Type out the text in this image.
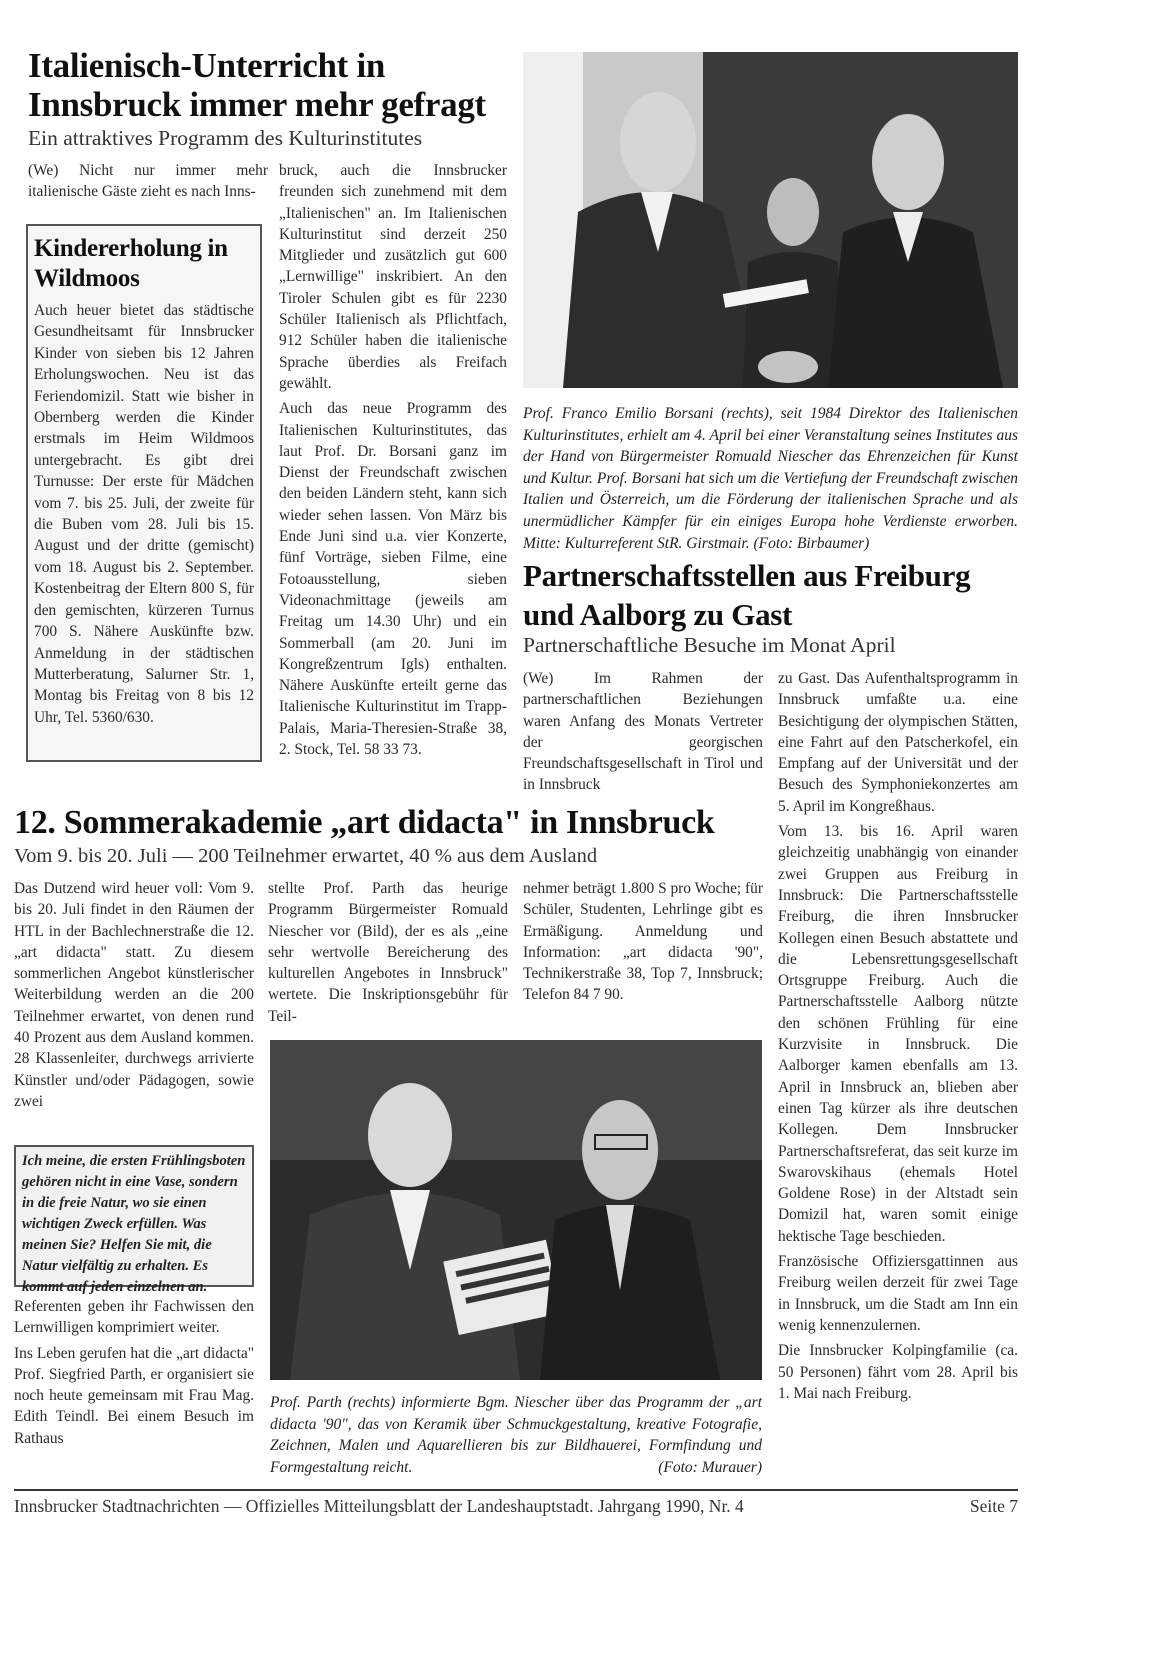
Italienisch-Unterricht in Innsbruck immer mehr gefragt
Ein attraktives Programm des Kulturinstitutes

(We) Nicht nur immer mehr italienische Gäste zieht es nach Inns-

Kindererholung in Wildmoos
Auch heuer bietet das städtische Gesundheitsamt für Innsbrucker Kinder von sieben bis 12 Jahren Erholungswochen. Neu ist das Feriendomizil. Statt wie bisher in Obernberg werden die Kinder erstmals im Heim Wildmoos untergebracht. Es gibt drei Turnusse: Der erste für Mädchen vom 7. bis 25. Juli, der zweite für die Buben vom 28. Juli bis 15. August und der dritte (gemischt) vom 18. August bis 2. September. Kostenbeitrag der Eltern 800 S, für den gemischten, kürzeren Turnus 700 S. Nähere Auskünfte bzw. Anmeldung in der städtischen Mutterberatung, Salurner Str. 1, Montag bis Freitag von 8 bis 12 Uhr, Tel. 5360/630.

bruck, auch die Innsbrucker freunden sich zunehmend mit dem „Italienischen" an. Im Italienischen Kulturinstitut sind derzeit 250 Mitglieder und zusätzlich gut 600 „Lernwillige" inskribiert. An den Tiroler Schulen gibt es für 2230 Schüler Italienisch als Pflichtfach, 912 Schüler haben die italienische Sprache überdies als Freifach gewählt.

Auch das neue Programm des Italienischen Kulturinstitutes, das laut Prof. Dr. Borsani ganz im Dienst der Freundschaft zwischen den beiden Ländern steht, kann sich wieder sehen lassen. Von März bis Ende Juni sind u.a. vier Konzerte, fünf Vorträge, sieben Filme, eine Fotoausstellung, sieben Videonachmittage (jeweils am Freitag um 14.30 Uhr) und ein Sommerball (am 20. Juni im Kongreßzentrum Igls) enthalten. Nähere Auskünfte erteilt gerne das Italienische Kulturinstitut im Trapp-Palais, Maria-Theresien-Straße 38, 2. Stock, Tel. 58 33 73.

Prof. Franco Emilio Borsani (rechts), seit 1984 Direktor des Italienischen Kulturinstitutes, erhielt am 4. April bei einer Veranstaltung seines Institutes aus der Hand von Bürgermeister Romuald Niescher das Ehrenzeichen für Kunst und Kultur. Prof. Borsani hat sich um die Vertiefung der Freundschaft zwischen Italien und Österreich, um die Förderung der italienischen Sprache und als unermüdlicher Kämpfer für ein einiges Europa hohe Verdienste erworben. Mitte: Kulturreferent StR. Girstmair. (Foto: Birbaumer)
Partnerschaftsstellen aus Freiburg und Aalborg zu Gast
Partnerschaftliche Besuche im Monat April

(We) Im Rahmen der partnerschaftlichen Beziehungen waren Anfang des Monats Vertreter der georgischen Freundschaftsgesellschaft in Tirol und in Innsbruck

zu Gast. Das Aufenthaltsprogramm in Innsbruck umfaßte u.a. eine Besichtigung der olympischen Stätten, eine Fahrt auf den Patscherkofel, ein Empfang auf der Universität und der Besuch des Symphoniekonzertes am 5. April im Kongreßhaus.

Vom 13. bis 16. April waren gleichzeitig unabhängig von einander zwei Gruppen aus Freiburg in Innsbruck: Die Partnerschaftsstelle Freiburg, die ihren Innsbrucker Kollegen einen Besuch abstattete und die Lebensrettungsgesellschaft Ortsgruppe Freiburg. Auch die Partnerschaftsstelle Aalborg nützte den schönen Frühling für eine Kurzvisite in Innsbruck. Die Aalborger kamen ebenfalls am 13. April in Innsbruck an, blieben aber einen Tag kürzer als ihre deutschen Kollegen. Dem Innsbrucker Partnerschaftsreferat, das seit kurze im Swarovskihaus (ehemals Hotel Goldene Rose) in der Altstadt sein Domizil hat, waren somit einige hektische Tage beschieden.

Französische Offiziersgattinnen aus Freiburg weilen derzeit für zwei Tage in Innsbruck, um die Stadt am Inn ein wenig kennenzulernen.

Die Innsbrucker Kolpingfamilie (ca. 50 Personen) fährt vom 28. April bis 1. Mai nach Freiburg.

12. Sommerakademie „art didacta" in Innsbruck
Vom 9. bis 20. Juli — 200 Teilnehmer erwartet, 40 % aus dem Ausland

Das Dutzend wird heuer voll: Vom 9. bis 20. Juli findet in den Räumen der HTL in der Bachlechnerstraße die 12. „art didacta" statt. Zu diesem sommerlichen Angebot künstlerischer Weiterbildung werden an die 200 Teilnehmer erwartet, von denen rund 40 Prozent aus dem Ausland kommen. 28 Klassenleiter, durchwegs arrivierte Künstler und/oder Pädagogen, sowie zwei

Ich meine, die ersten Frühlingsboten gehören nicht in eine Vase, sondern in die freie Natur, wo sie einen wichtigen Zweck erfüllen. Was meinen Sie? Helfen Sie mit, die Natur vielfältig zu erhalten. Es kommt auf jeden einzelnen an.

Referenten geben ihr Fachwissen den Lernwilligen komprimiert weiter.

Ins Leben gerufen hat die „art didacta" Prof. Siegfried Parth, er organisiert sie noch heute gemeinsam mit Frau Mag. Edith Teindl. Bei einem Besuch im Rathaus

stellte Prof. Parth das heurige Programm Bürgermeister Romuald Niescher vor (Bild), der es als „eine sehr wertvolle Bereicherung des kulturellen Angebotes in Innsbruck" wertete. Die Inskriptionsgebühr für Teil-

nehmer beträgt 1.800 S pro Woche; für Schüler, Studenten, Lehrlinge gibt es Ermäßigung. Anmeldung und Information: „art didacta '90", Technikerstraße 38, Top 7, Innsbruck; Telefon 84 7 90.

Prof. Parth (rechts) informierte Bgm. Niescher über das Programm der „art didacta '90", das von Keramik über Schmuckgestaltung, kreative Fotografie, Zeichnen, Malen und Aquarellieren bis zur Bildhauerei, Formfindung und Formgestaltung reicht.	(Foto: Murauer)
Innsbrucker Stadtnachrichten — Offizielles Mitteilungsblatt der Landeshauptstadt. Jahrgang 1990, Nr. 4	Seite 7
